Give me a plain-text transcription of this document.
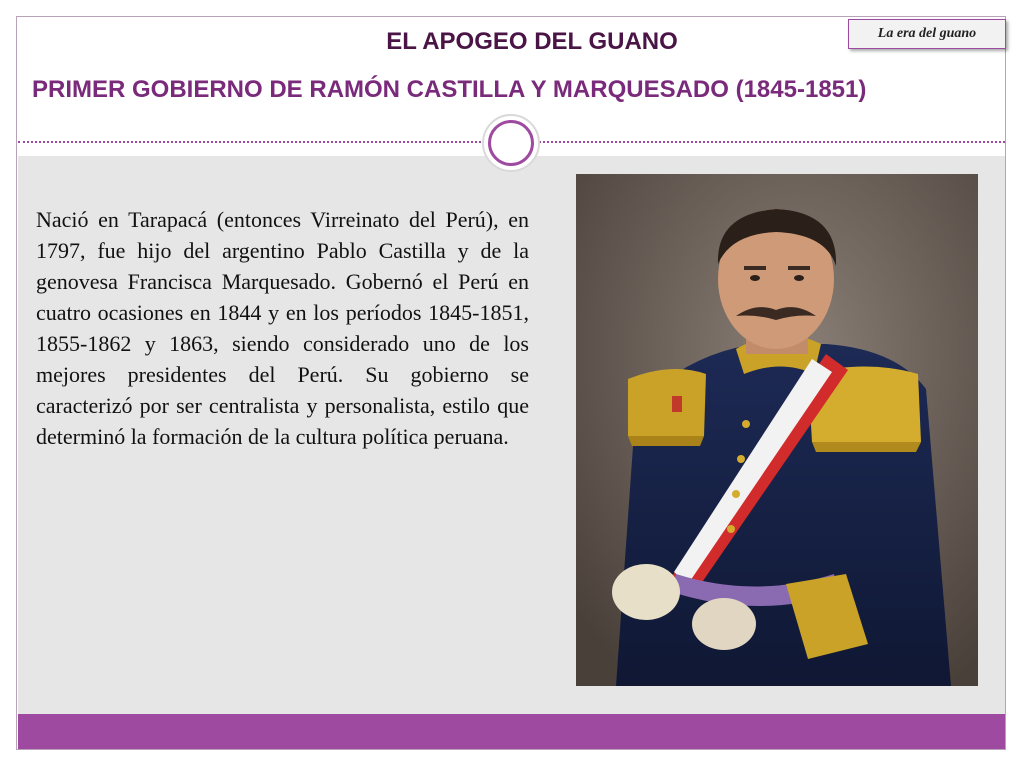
La era del guano
EL APOGEO DEL GUANO
PRIMER GOBIERNO DE RAMÓN CASTILLA Y MARQUESADO (1845-1851)
Nació en Tarapacá (entonces Virreinato del Perú), en 1797, fue hijo del argentino Pablo Castilla y de la genovesa Francisca Marquesado. Gobernó el Perú en cuatro ocasiones en 1844 y en los períodos 1845-1851, 1855-1862 y 1863, siendo considerado uno de los mejores presidentes del Perú. Su gobierno se caracterizó por ser centralista y personalista, estilo que determinó la formación de la cultura política peruana.
